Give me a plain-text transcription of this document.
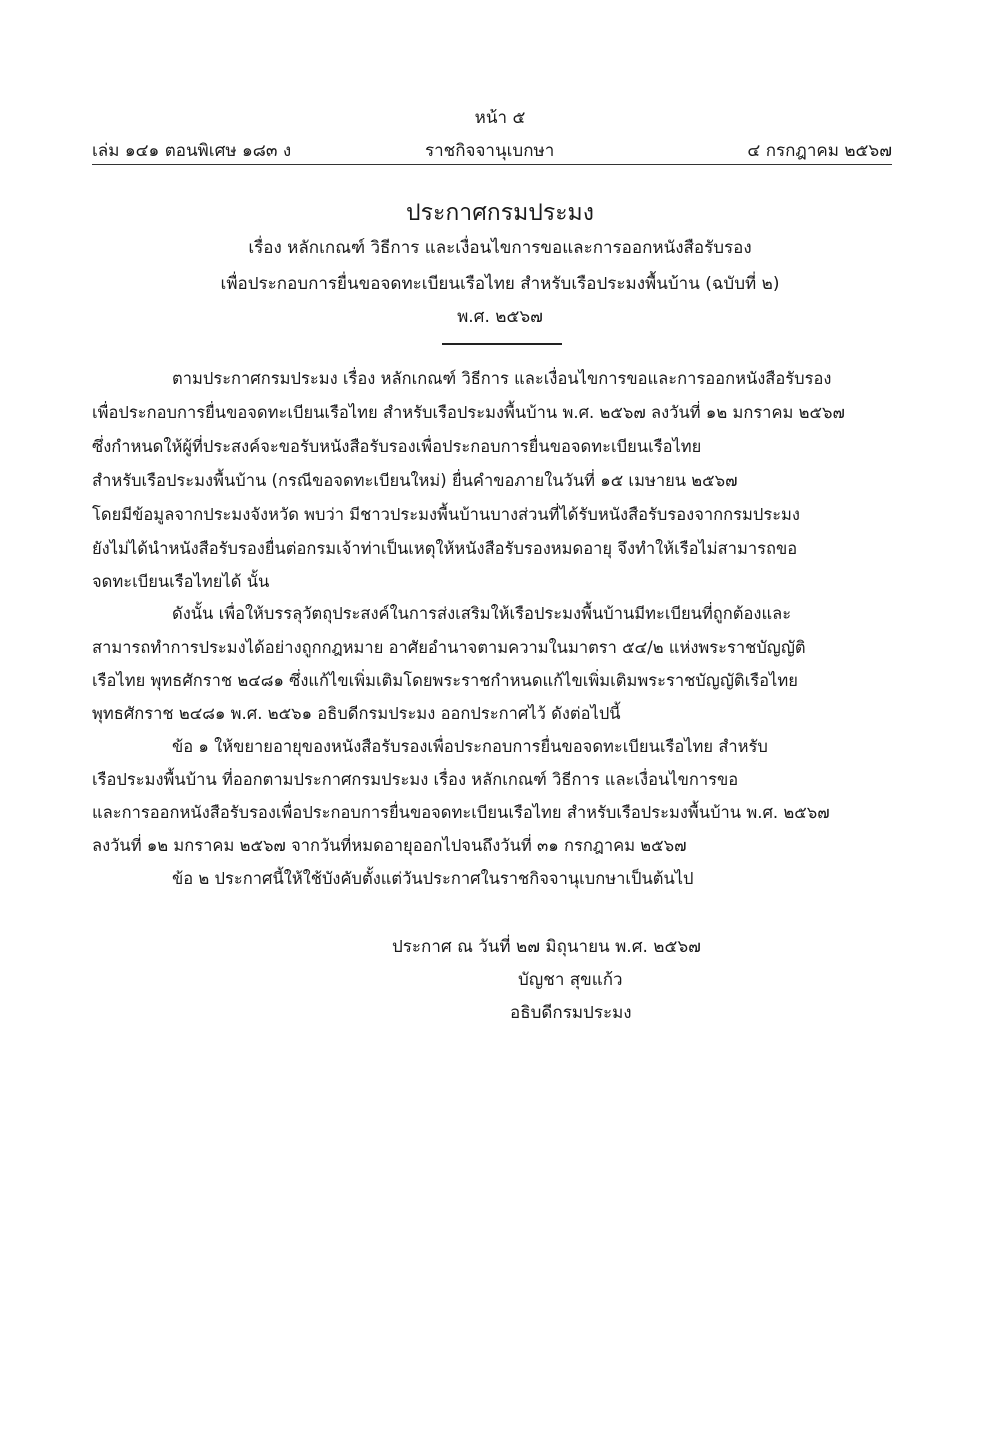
หน้า ๕
เล่ม ๑๔๑ ตอนพิเศษ ๑๘๓ ง	ราชกิจจานุเบกษา	๔ กรกฎาคม ๒๕๖๗
ประกาศกรมประมง
เรื่อง หลักเกณฑ์ วิธีการ และเงื่อนไขการขอและการออกหนังสือรับรอง
เพื่อประกอบการยื่นขอจดทะเบียนเรือไทย สำหรับเรือประมงพื้นบ้าน (ฉบับที่ ๒)
พ.ศ. ๒๕๖๗
ตามประกาศกรมประมง เรื่อง หลักเกณฑ์ วิธีการ และเงื่อนไขการขอและการออกหนังสือรับรอง
เพื่อประกอบการยื่นขอจดทะเบียนเรือไทย สำหรับเรือประมงพื้นบ้าน พ.ศ. ๒๕๖๗ ลงวันที่ ๑๒ มกราคม ๒๕๖๗
ซึ่งกำหนดให้ผู้ที่ประสงค์จะขอรับหนังสือรับรองเพื่อประกอบการยื่นขอจดทะเบียนเรือไทย
สำหรับเรือประมงพื้นบ้าน (กรณีขอจดทะเบียนใหม่) ยื่นคำขอภายในวันที่ ๑๕ เมษายน ๒๕๖๗
โดยมีข้อมูลจากประมงจังหวัด พบว่า มีชาวประมงพื้นบ้านบางส่วนที่ได้รับหนังสือรับรองจากกรมประมง
ยังไม่ได้นำหนังสือรับรองยื่นต่อกรมเจ้าท่าเป็นเหตุให้หนังสือรับรองหมดอายุ จึงทำให้เรือไม่สามารถขอ
จดทะเบียนเรือไทยได้ นั้น
ดังนั้น เพื่อให้บรรลุวัตถุประสงค์ในการส่งเสริมให้เรือประมงพื้นบ้านมีทะเบียนที่ถูกต้องและ
สามารถทำการประมงได้อย่างถูกกฎหมาย อาศัยอำนาจตามความในมาตรา ๕๔/๒ แห่งพระราชบัญญัติ
เรือไทย พุทธศักราช ๒๔๘๑ ซึ่งแก้ไขเพิ่มเติมโดยพระราชกำหนดแก้ไขเพิ่มเติมพระราชบัญญัติเรือไทย
พุทธศักราช ๒๔๘๑ พ.ศ. ๒๕๖๑ อธิบดีกรมประมง ออกประกาศไว้ ดังต่อไปนี้
ข้อ ๑ ให้ขยายอายุของหนังสือรับรองเพื่อประกอบการยื่นขอจดทะเบียนเรือไทย สำหรับ
เรือประมงพื้นบ้าน ที่ออกตามประกาศกรมประมง เรื่อง หลักเกณฑ์ วิธีการ และเงื่อนไขการขอ
และการออกหนังสือรับรองเพื่อประกอบการยื่นขอจดทะเบียนเรือไทย สำหรับเรือประมงพื้นบ้าน พ.ศ. ๒๕๖๗
ลงวันที่ ๑๒ มกราคม ๒๕๖๗ จากวันที่หมดอายุออกไปจนถึงวันที่ ๓๑ กรกฎาคม ๒๕๖๗
ข้อ ๒ ประกาศนี้ให้ใช้บังคับตั้งแต่วันประกาศในราชกิจจานุเบกษาเป็นต้นไป
ประกาศ ณ วันที่ ๒๗ มิถุนายน พ.ศ. ๒๕๖๗
บัญชา สุขแก้ว
อธิบดีกรมประมง
